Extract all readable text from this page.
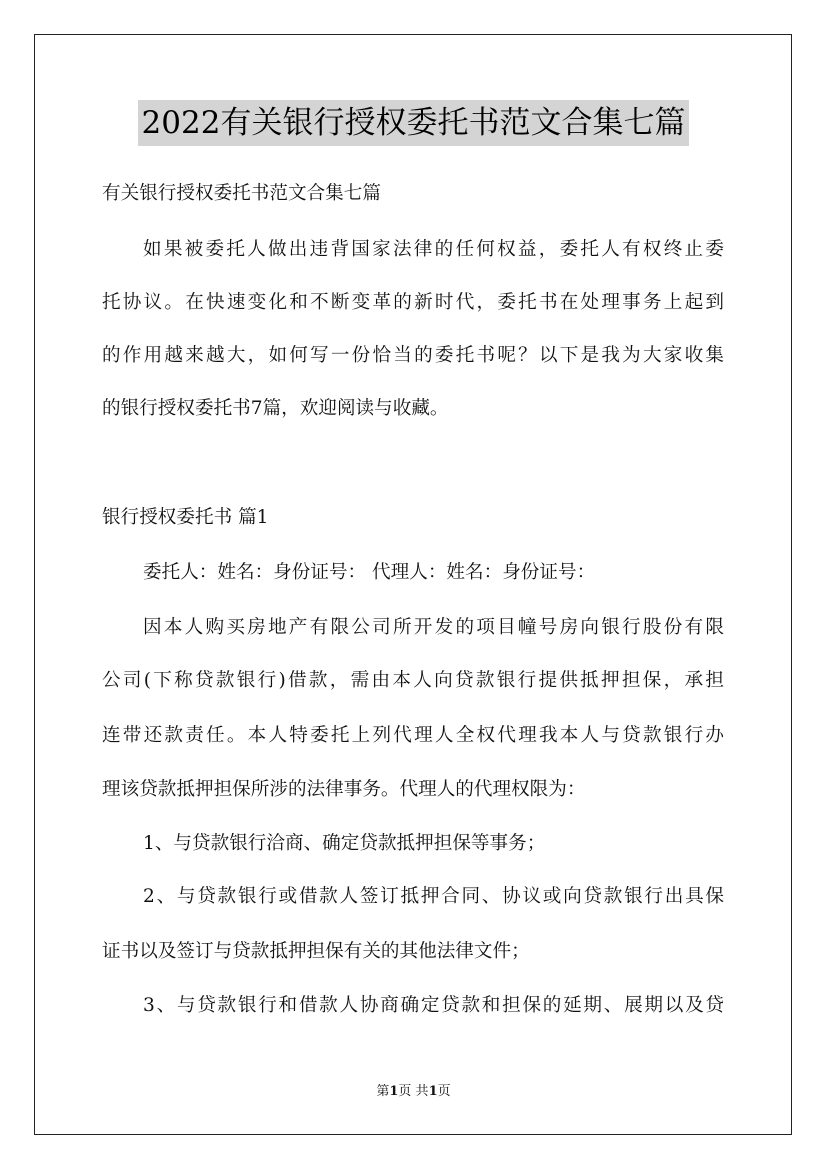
2022有关银行授权委托书范文合集七篇
有关银行授权委托书范文合集七篇
如果被委托人做出违背国家法律的任何权益，委托人有权终止委
托协议。在快速变化和不断变革的新时代，委托书在处理事务上起到
的作用越来越大，如何写一份恰当的委托书呢？以下是我为大家收集
的银行授权委托书7篇，欢迎阅读与收藏。
银行授权委托书 篇1
委托人：姓名：身份证号： 代理人：姓名：身份证号：
因本人购买房地产有限公司所开发的项目幢号房向银行股份有限
公司(下称贷款银行)借款，需由本人向贷款银行提供抵押担保，承担
连带还款责任。本人特委托上列代理人全权代理我本人与贷款银行办
理该贷款抵押担保所涉的法律事务。代理人的代理权限为：
1、与贷款银行洽商、确定贷款抵押担保等事务；
2、与贷款银行或借款人签订抵押合同、协议或向贷款银行出具保
证书以及签订与贷款抵押担保有关的其他法律文件；
3、与贷款银行和借款人协商确定贷款和担保的延期、展期以及贷
第1页 共1页
